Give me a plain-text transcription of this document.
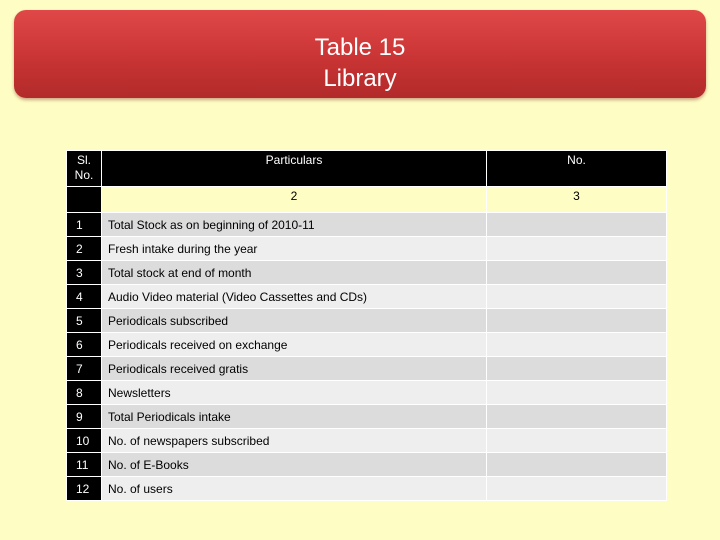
Table 15
Library
Sl.
No.	Particulars	No.
	2	3
1	Total Stock as on beginning of 2010-11	
2	Fresh intake during the year	
3	Total stock at end of month	
4	Audio Video material (Video Cassettes and CDs)	
5	Periodicals subscribed	
6	Periodicals received on exchange	
7	Periodicals received gratis	
8	Newsletters	
9	Total Periodicals intake	
10	No. of newspapers subscribed	
11	No. of E-Books	
12	No. of users	
